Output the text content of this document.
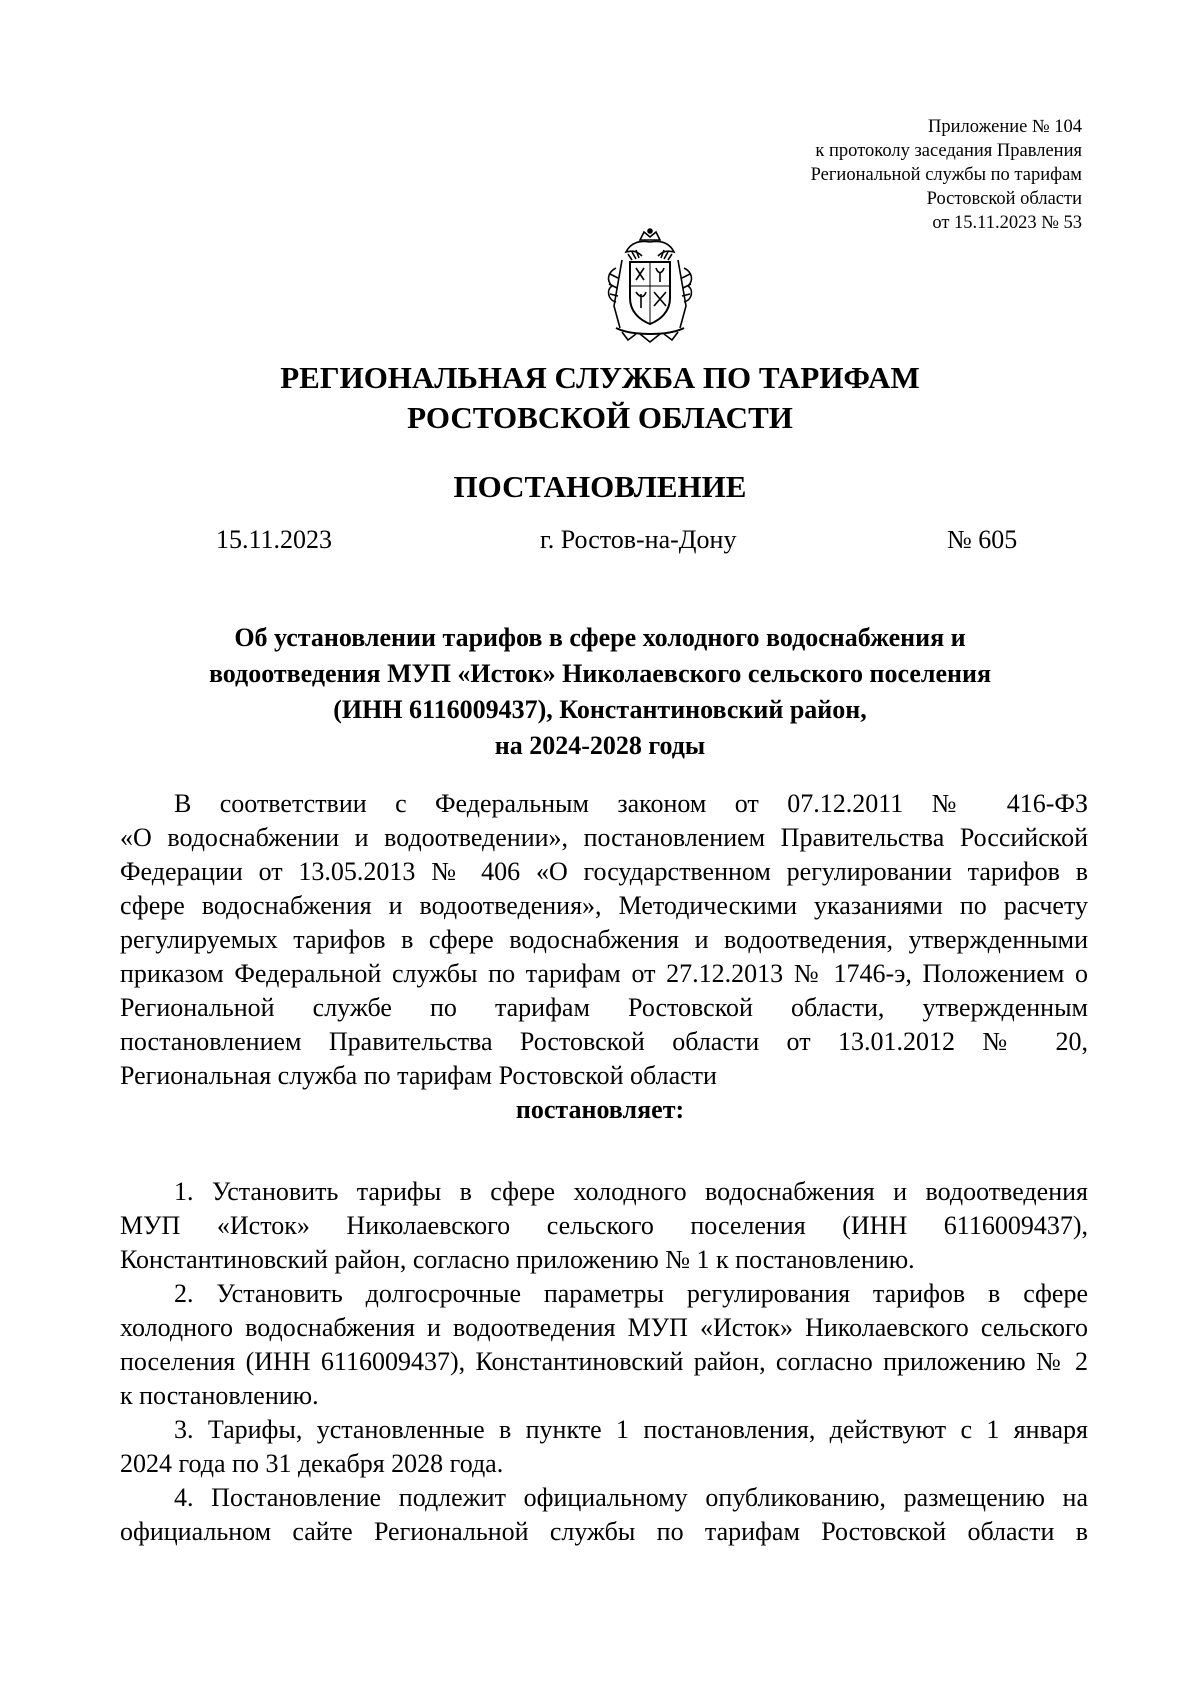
Приложение № 104
к протоколу заседания Правления
Региональной службы по тарифам
Ростовской области
от 15.11.2023 № 53
РЕГИОНАЛЬНАЯ СЛУЖБА ПО ТАРИФАМ
РОСТОВСКОЙ ОБЛАСТИ
ПОСТАНОВЛЕНИЕ
15.11.2023	г. Ростов-на-Дону	№ 605
Об установлении тарифов в сфере холодного водоснабжения и
водоотведения МУП «Исток» Николаевского сельского поселения
(ИНН 6116009437), Константиновский район,
на 2024-2028 годы
В соответствии с Федеральным законом от 07.12.2011 № 416-ФЗ
«О водоснабжении и водоотведении», постановлением Правительства Российской
Федерации от 13.05.2013 № 406 «О государственном регулировании тарифов в
сфере водоснабжения и водоотведения», Методическими указаниями по расчету
регулируемых тарифов в сфере водоснабжения и водоотведения, утвержденными
приказом Федеральной службы по тарифам от 27.12.2013 № 1746-э, Положением о
Региональной службе по тарифам Ростовской области, утвержденным
постановлением Правительства Ростовской области от 13.01.2012 № 20,
Региональная служба по тарифам Ростовской области
постановляет:
1. Установить тарифы в сфере холодного водоснабжения и водоотведения
МУП «Исток» Николаевского сельского поселения (ИНН 6116009437),
Константиновский район, согласно приложению № 1 к постановлению.
2. Установить долгосрочные параметры регулирования тарифов в сфере
холодного водоснабжения и водоотведения МУП «Исток» Николаевского сельского
поселения (ИНН 6116009437), Константиновский район, согласно приложению № 2
к постановлению.
3. Тарифы, установленные в пункте 1 постановления, действуют с 1 января
2024 года по 31 декабря 2028 года.
4. Постановление подлежит официальному опубликованию, размещению на
официальном сайте Региональной службы по тарифам Ростовской области в
